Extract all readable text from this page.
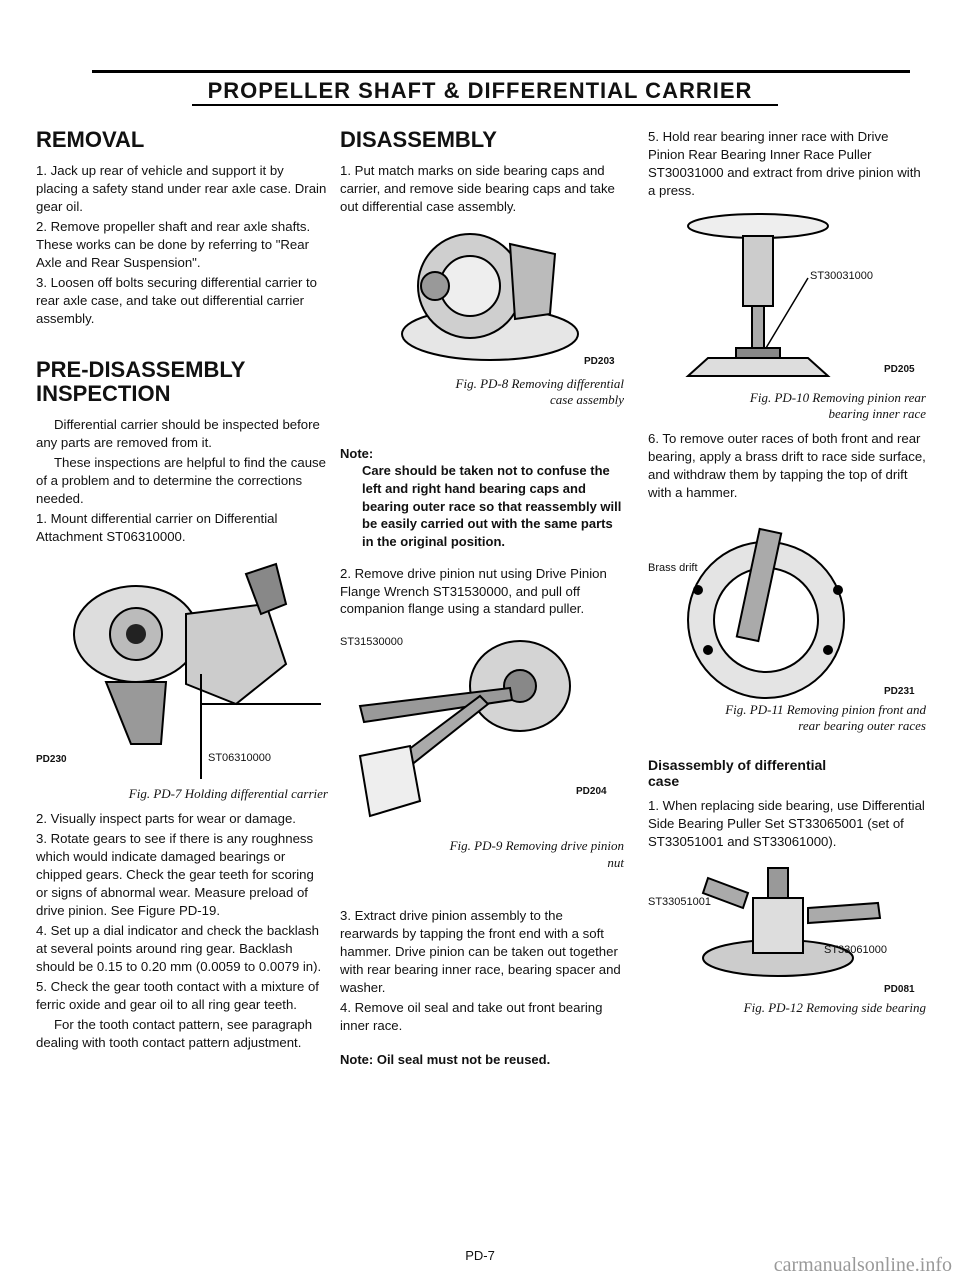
PROPELLER SHAFT & DIFFERENTIAL CARRIER
REMOVAL

1. Jack up rear of vehicle and support it by placing a safety stand under rear axle case. Drain gear oil.

2. Remove propeller shaft and rear axle shafts. These works can be done by referring to "Rear Axle and Rear Suspension".

3. Loosen off bolts securing differential carrier to rear axle case, and take out differential carrier assembly.

PRE-DISASSEMBLY
INSPECTION

Differential carrier should be inspected before any parts are removed from it.

These inspections are helpful to find the cause of a problem and to determine the corrections needed.

1. Mount differential carrier on Differential Attachment ST06310000.

PD230	ST06310000
Fig. PD-7 Holding differential carrier

2. Visually inspect parts for wear or damage.

3. Rotate gears to see if there is any roughness which would indicate damaged bearings or chipped gears. Check the gear teeth for scoring or signs of abnormal wear. Measure preload of drive pinion. See Figure PD-19.

4. Set up a dial indicator and check the backlash at several points around ring gear. Backlash should be 0.15 to 0.20 mm (0.0059 to 0.0079 in).

5. Check the gear tooth contact with a mixture of ferric oxide and gear oil to all ring gear teeth.

For the tooth contact pattern, see paragraph dealing with tooth contact pattern adjustment.

DISASSEMBLY

1. Put match marks on side bearing caps and carrier, and remove side bearing caps and take out differential case assembly.

PD203
Fig. PD-8 Removing differential
case assembly
Note:
Care should be taken not to confuse the left and right hand bearing caps and bearing outer race so that reassembly will be easily carried out with the same parts in the original position.

2. Remove drive pinion nut using Drive Pinion Flange Wrench ST31530000, and pull off companion flange using a standard puller.

ST31530000
PD204
Fig. PD-9 Removing drive pinion
nut

3. Extract drive pinion assembly to the rearwards by tapping the front end with a soft hammer. Drive pinion can be taken out together with rear bearing inner race, bearing spacer and washer.

4. Remove oil seal and take out front bearing inner race.

Note: Oil seal must not be reused.

5. Hold rear bearing inner race with Drive Pinion Rear Bearing Inner Race Puller ST30031000 and extract from drive pinion with a press.

ST30031000
PD205
Fig. PD-10 Removing pinion rear
bearing inner race

6. To remove outer races of both front and rear bearing, apply a brass drift to race side surface, and withdraw them by tapping the top of drift with a hammer.

Brass drift
PD231
Fig. PD-11 Removing pinion front and
rear bearing outer races
Disassembly of differential
case

1. When replacing side bearing, use Differential Side Bearing Puller Set ST33065001 (set of ST33051001 and ST33061000).

ST33051001
ST33061000
PD081
Fig. PD-12 Removing side bearing
PD-7	carmanualsonline.info
